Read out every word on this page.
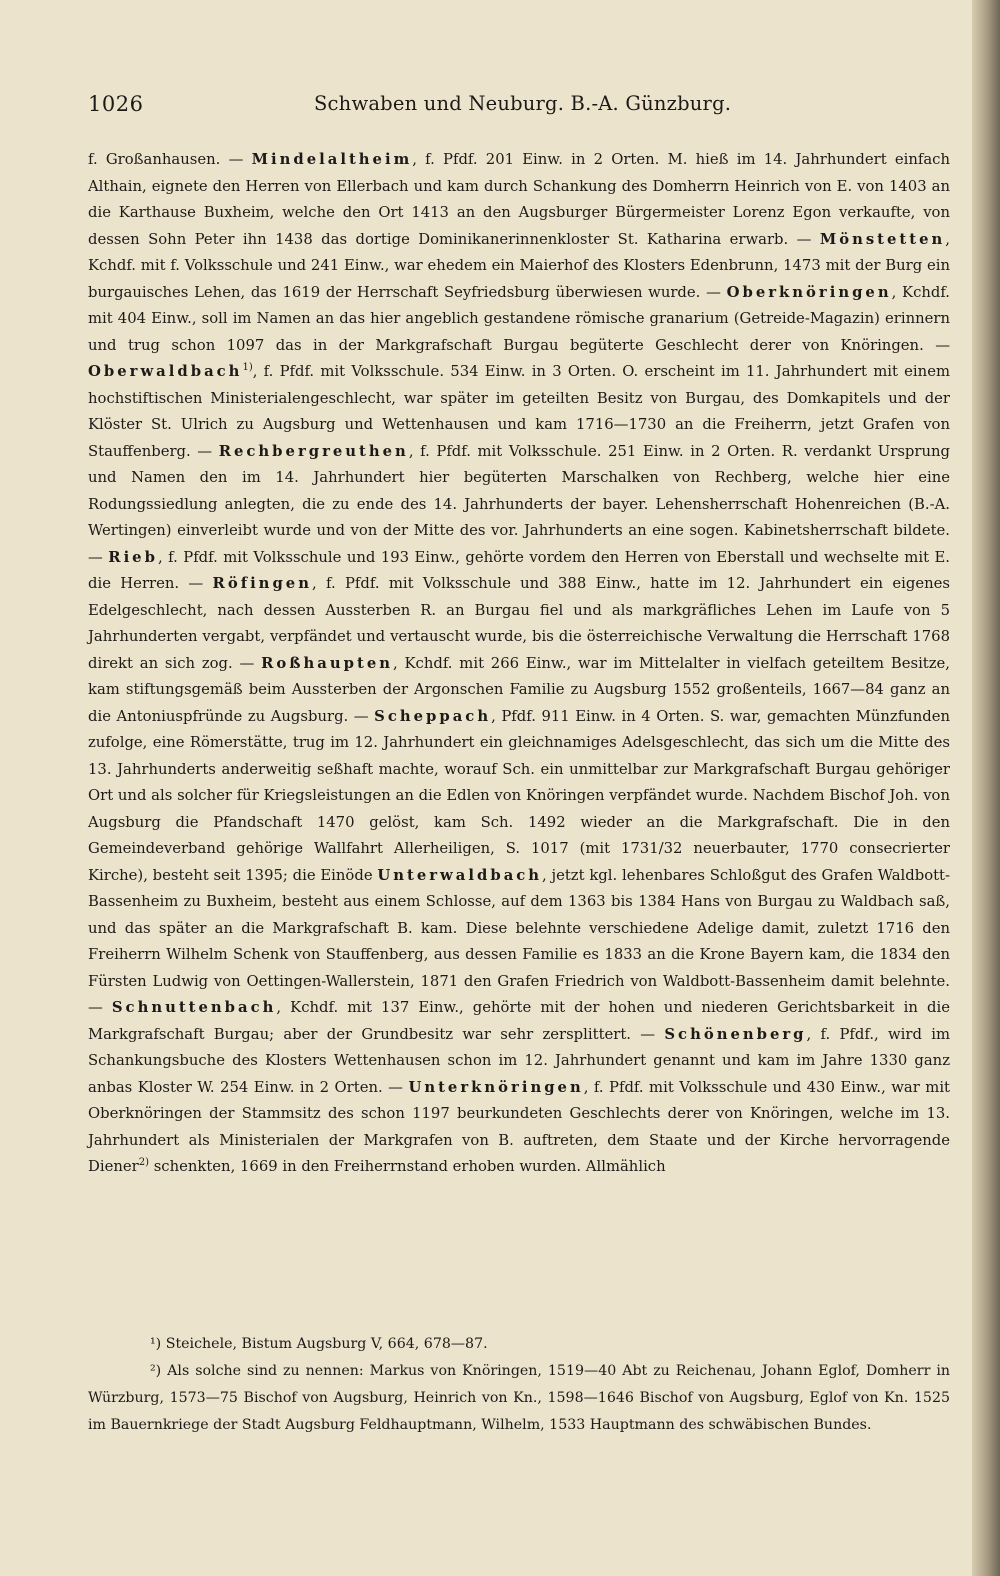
1026	Schwaben und Neuburg. B.-A. Günzburg.

f. Großanhausen. — Mindelaltheim, f. Pfdf. 201 Einw. in 2 Orten. M. hieß im 14. Jahrhundert einfach Althain, eignete den Herren von Ellerbach und kam durch Schankung des Domherrn Heinrich von E. von 1403 an die Karthause Buxheim, welche den Ort 1413 an den Augsburger Bürgermeister Lorenz Egon verkaufte, von dessen Sohn Peter ihn 1438 das dortige Dominikanerinnenkloster St. Katharina erwarb. — Mönstetten, Kchdf. mit f. Volksschule und 241 Einw., war ehedem ein Maierhof des Klosters Edenbrunn, 1473 mit der Burg ein burgauisches Lehen, das 1619 der Herrschaft Seyfriedsburg überwiesen wurde. — Oberknöringen, Kchdf. mit 404 Einw., soll im Namen an das hier angeblich gestandene römische granarium (Getreide-Magazin) erinnern und trug schon 1097 das in der Markgrafschaft Burgau begüterte Geschlecht derer von Knöringen. — Oberwaldbach$^{1)}$, f. Pfdf. mit Volksschule. 534 Einw. in 3 Orten. O. erscheint im 11. Jahrhundert mit einem hochstiftischen Ministerialengeschlecht, war später im geteilten Besitz von Burgau, des Domkapitels und der Klöster St. Ulrich zu Augsburg und Wettenhausen und kam 1716—1730 an die Freiherrn, jetzt Grafen von Stauffenberg. — Rechbergreuthen, f. Pfdf. mit Volksschule. 251 Einw. in 2 Orten. R. verdankt Ursprung und Namen den im 14. Jahrhundert hier begüterten Marschalken von Rechberg, welche hier eine Rodungssiedlung anlegten, die zu ende des 14. Jahrhunderts der bayer. Lehensherrschaft Hohenreichen (B.-A. Wertingen) einverleibt wurde und von der Mitte des vor. Jahrhunderts an eine sogen. Kabinetsherrschaft bildete. — Rieb, f. Pfdf. mit Volksschule und 193 Einw., gehörte vordem den Herren von Eberstall und wechselte mit E. die Herren. — Röfingen, f. Pfdf. mit Volksschule und 388 Einw., hatte im 12. Jahrhundert ein eigenes Edelgeschlecht, nach dessen Aussterben R. an Burgau fiel und als markgräfliches Lehen im Laufe von 5 Jahrhunderten vergabt, verpfändet und vertauscht wurde, bis die österreichische Verwaltung die Herrschaft 1768 direkt an sich zog. — Roßhaupten, Kchdf. mit 266 Einw., war im Mittelalter in vielfach geteiltem Besitze, kam stiftungsgemäß beim Aussterben der Argonschen Familie zu Augsburg 1552 großenteils, 1667—84 ganz an die Antoniuspfründe zu Augsburg. — Scheppach, Pfdf. 911 Einw. in 4 Orten. S. war, gemachten Münzfunden zufolge, eine Römerstätte, trug im 12. Jahrhundert ein gleichnamiges Adelsgeschlecht, das sich um die Mitte des 13. Jahrhunderts anderweitig seßhaft machte, worauf Sch. ein unmittelbar zur Markgrafschaft Burgau gehöriger Ort und als solcher für Kriegsleistungen an die Edlen von Knöringen verpfändet wurde. Nachdem Bischof Joh. von Augsburg die Pfandschaft 1470 gelöst, kam Sch. 1492 wieder an die Markgrafschaft. Die in den Gemeindeverband gehörige Wallfahrt Allerheiligen, S. 1017 (mit 1731/32 neuerbauter, 1770 consecrierter Kirche), besteht seit 1395; die Einöde Unterwaldbach, jetzt kgl. lehenbares Schloßgut des Grafen Waldbott-Bassenheim zu Buxheim, besteht aus einem Schlosse, auf dem 1363 bis 1384 Hans von Burgau zu Waldbach saß, und das später an die Markgrafschaft B. kam. Diese belehnte verschiedene Adelige damit, zuletzt 1716 den Freiherrn Wilhelm Schenk von Stauffenberg, aus dessen Familie es 1833 an die Krone Bayern kam, die 1834 den Fürsten Ludwig von Oettingen-Wallerstein, 1871 den Grafen Friedrich von Waldbott-Bassenheim damit belehnte. — Schnuttenbach, Kchdf. mit 137 Einw., gehörte mit der hohen und niederen Gerichtsbarkeit in die Markgrafschaft Burgau; aber der Grundbesitz war sehr zersplittert. — Schönenberg, f. Pfdf., wird im Schankungsbuche des Klosters Wettenhausen schon im 12. Jahrhundert genannt und kam im Jahre 1330 ganz anbas Kloster W. 254 Einw. in 2 Orten. — Unterknöringen, f. Pfdf. mit Volksschule und 430 Einw., war mit Oberknöringen der Stammsitz des schon 1197 beurkundeten Geschlechts derer von Knöringen, welche im 13. Jahrhundert als Ministerialen der Markgrafen von B. auftreten, dem Staate und der Kirche hervorragende Diener$^{2)}$ schenkten, 1669 in den Freiherrnstand erhoben wurden. Allmählich

¹) Steichele, Bistum Augsburg V, 664, 678—87.

²) Als solche sind zu nennen: Markus von Knöringen, 1519—40 Abt zu Reichenau, Johann Eglof, Domherr in Würzburg, 1573—75 Bischof von Augsburg, Heinrich von Kn., 1598—1646 Bischof von Augsburg, Eglof von Kn. 1525 im Bauernkriege der Stadt Augsburg Feldhauptmann, Wilhelm, 1533 Hauptmann des schwäbischen Bundes.
